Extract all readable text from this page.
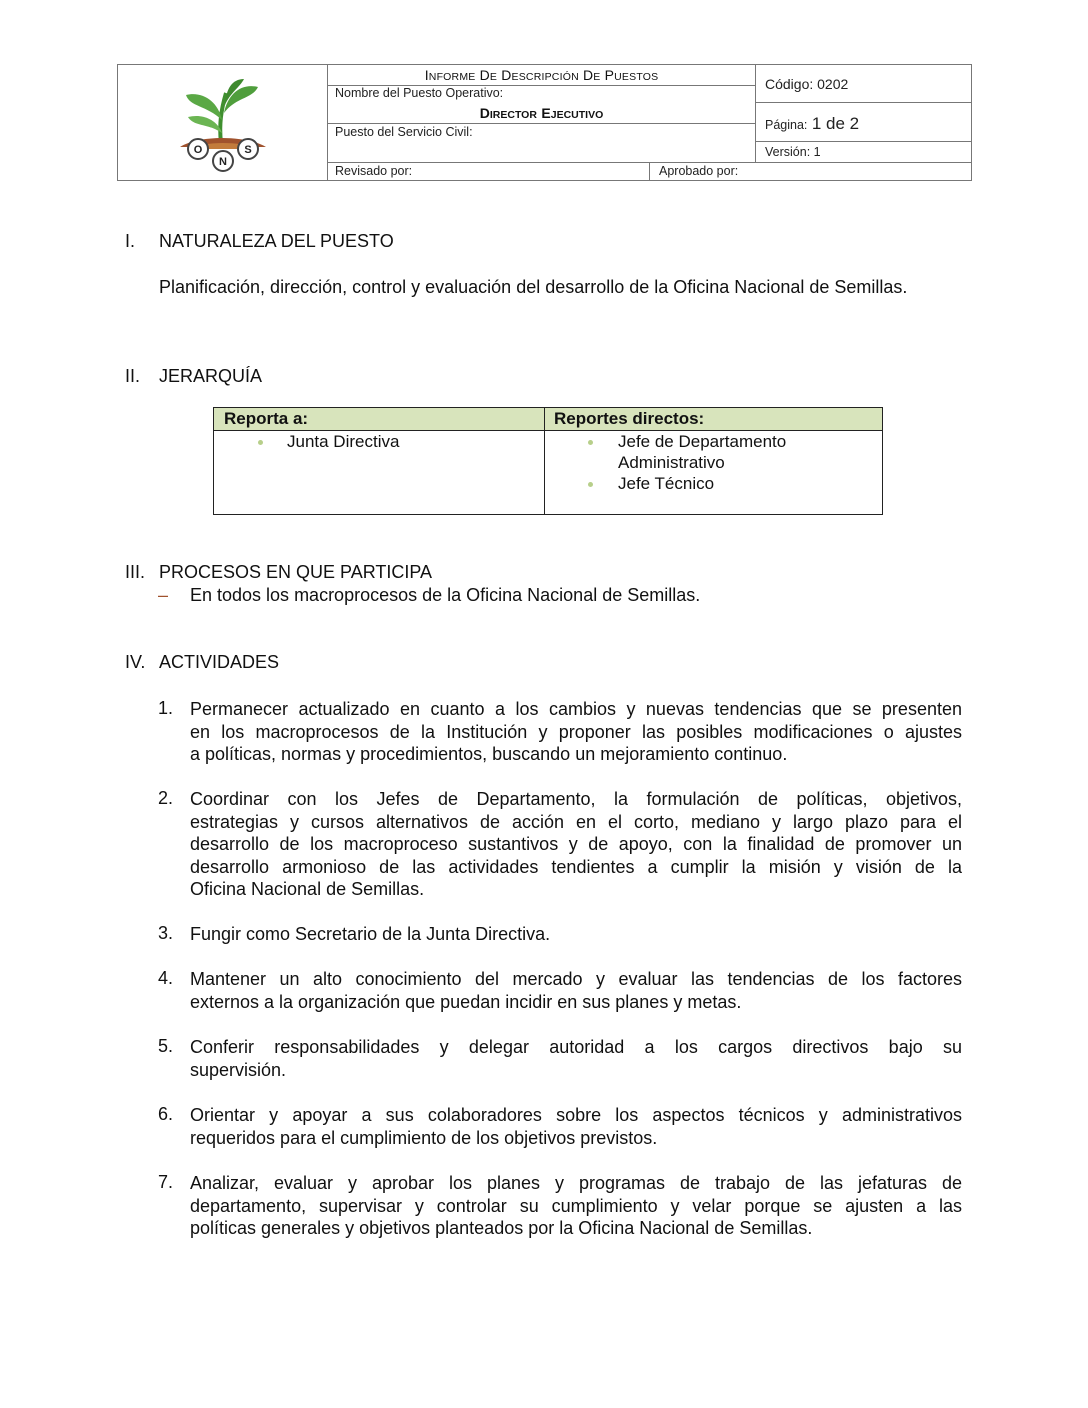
O
N
S
INFORME DE DESCRIPCIÓN DE PUESTOS
Nombre del Puesto Operativo:
DIRECTOR EJECUTIVO
Puesto del Servicio Civil:
Revisado por:	Aprobado por:
Código: 0202
Página: 1 de 2
Versión: 1
I. NATURALEZA DEL PUESTO
Planificación, dirección, control y evaluación del desarrollo de la Oficina Nacional de Semillas.
II. JERARQUÍA
Reporta a:	Reportes directos:
Junta Directiva	Jefe de Departamento
Administrativo
Jefe Técnico
III. PROCESOS EN QUE PARTICIPA
– En todos los macroprocesos de la Oficina Nacional de Semillas.
IV. ACTIVIDADES
1. Permanecer actualizado en cuanto a los cambios y nuevas tendencias que se presenten
en los macroprocesos de la Institución y proponer las posibles modificaciones o ajustes
a políticas, normas y procedimientos, buscando un mejoramiento continuo.
2. Coordinar con los Jefes de Departamento, la formulación de políticas, objetivos,
estrategias y cursos alternativos de acción en el corto, mediano y largo plazo para el
desarrollo de los macroproceso sustantivos y de apoyo, con la finalidad de promover un
desarrollo armonioso de las actividades tendientes a cumplir la misión y visión de la
Oficina Nacional de Semillas.
3. Fungir como Secretario de la Junta Directiva.
4. Mantener un alto conocimiento del mercado y evaluar las tendencias de los factores
externos a la organización que puedan incidir en sus planes y metas.
5. Conferir responsabilidades y delegar autoridad a los cargos directivos bajo su
supervisión.
6. Orientar y apoyar a sus colaboradores sobre los aspectos técnicos y administrativos
requeridos para el cumplimiento de los objetivos previstos.
7. Analizar, evaluar y aprobar los planes y programas de trabajo de las jefaturas de
departamento, supervisar y controlar su cumplimiento y velar porque se ajusten a las
políticas generales y objetivos planteados por la Oficina Nacional de Semillas.
